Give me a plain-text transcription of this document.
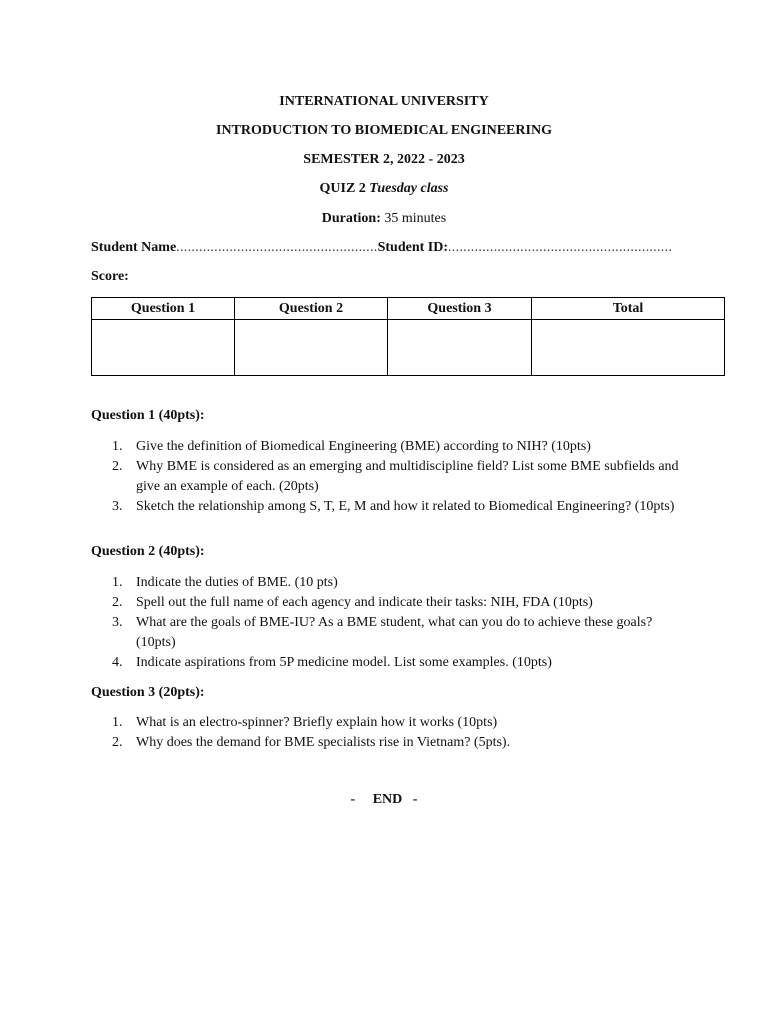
INTERNATIONAL UNIVERSITY
INTRODUCTION TO BIOMEDICAL ENGINEERING
SEMESTER 2, 2022 - 2023
QUIZ 2 Tuesday class
Duration: 35 minutes
Student Name.....................................................Student ID:...........................................................
Score:
Question 1	Question 2	Question 3	Total

Question 1 (40pts):
1. Give the definition of Biomedical Engineering (BME) according to NIH? (10pts)
2. Why BME is considered as an emerging and multidiscipline field? List some BME subfields and give an example of each. (20pts)
3. Sketch the relationship among S, T, E, M and how it related to Biomedical Engineering? (10pts)
Question 2 (40pts):
1. Indicate the duties of BME. (10 pts)
2. Spell out the full name of each agency and indicate their tasks: NIH, FDA (10pts)
3. What are the goals of BME-IU? As a BME student, what can you do to achieve these goals? (10pts)
4. Indicate aspirations from 5P medicine model. List some examples. (10pts)
Question 3 (20pts):
1. What is an electro-spinner? Briefly explain how it works (10pts)
2. Why does the demand for BME specialists rise in Vietnam? (5pts).
-     END   -
